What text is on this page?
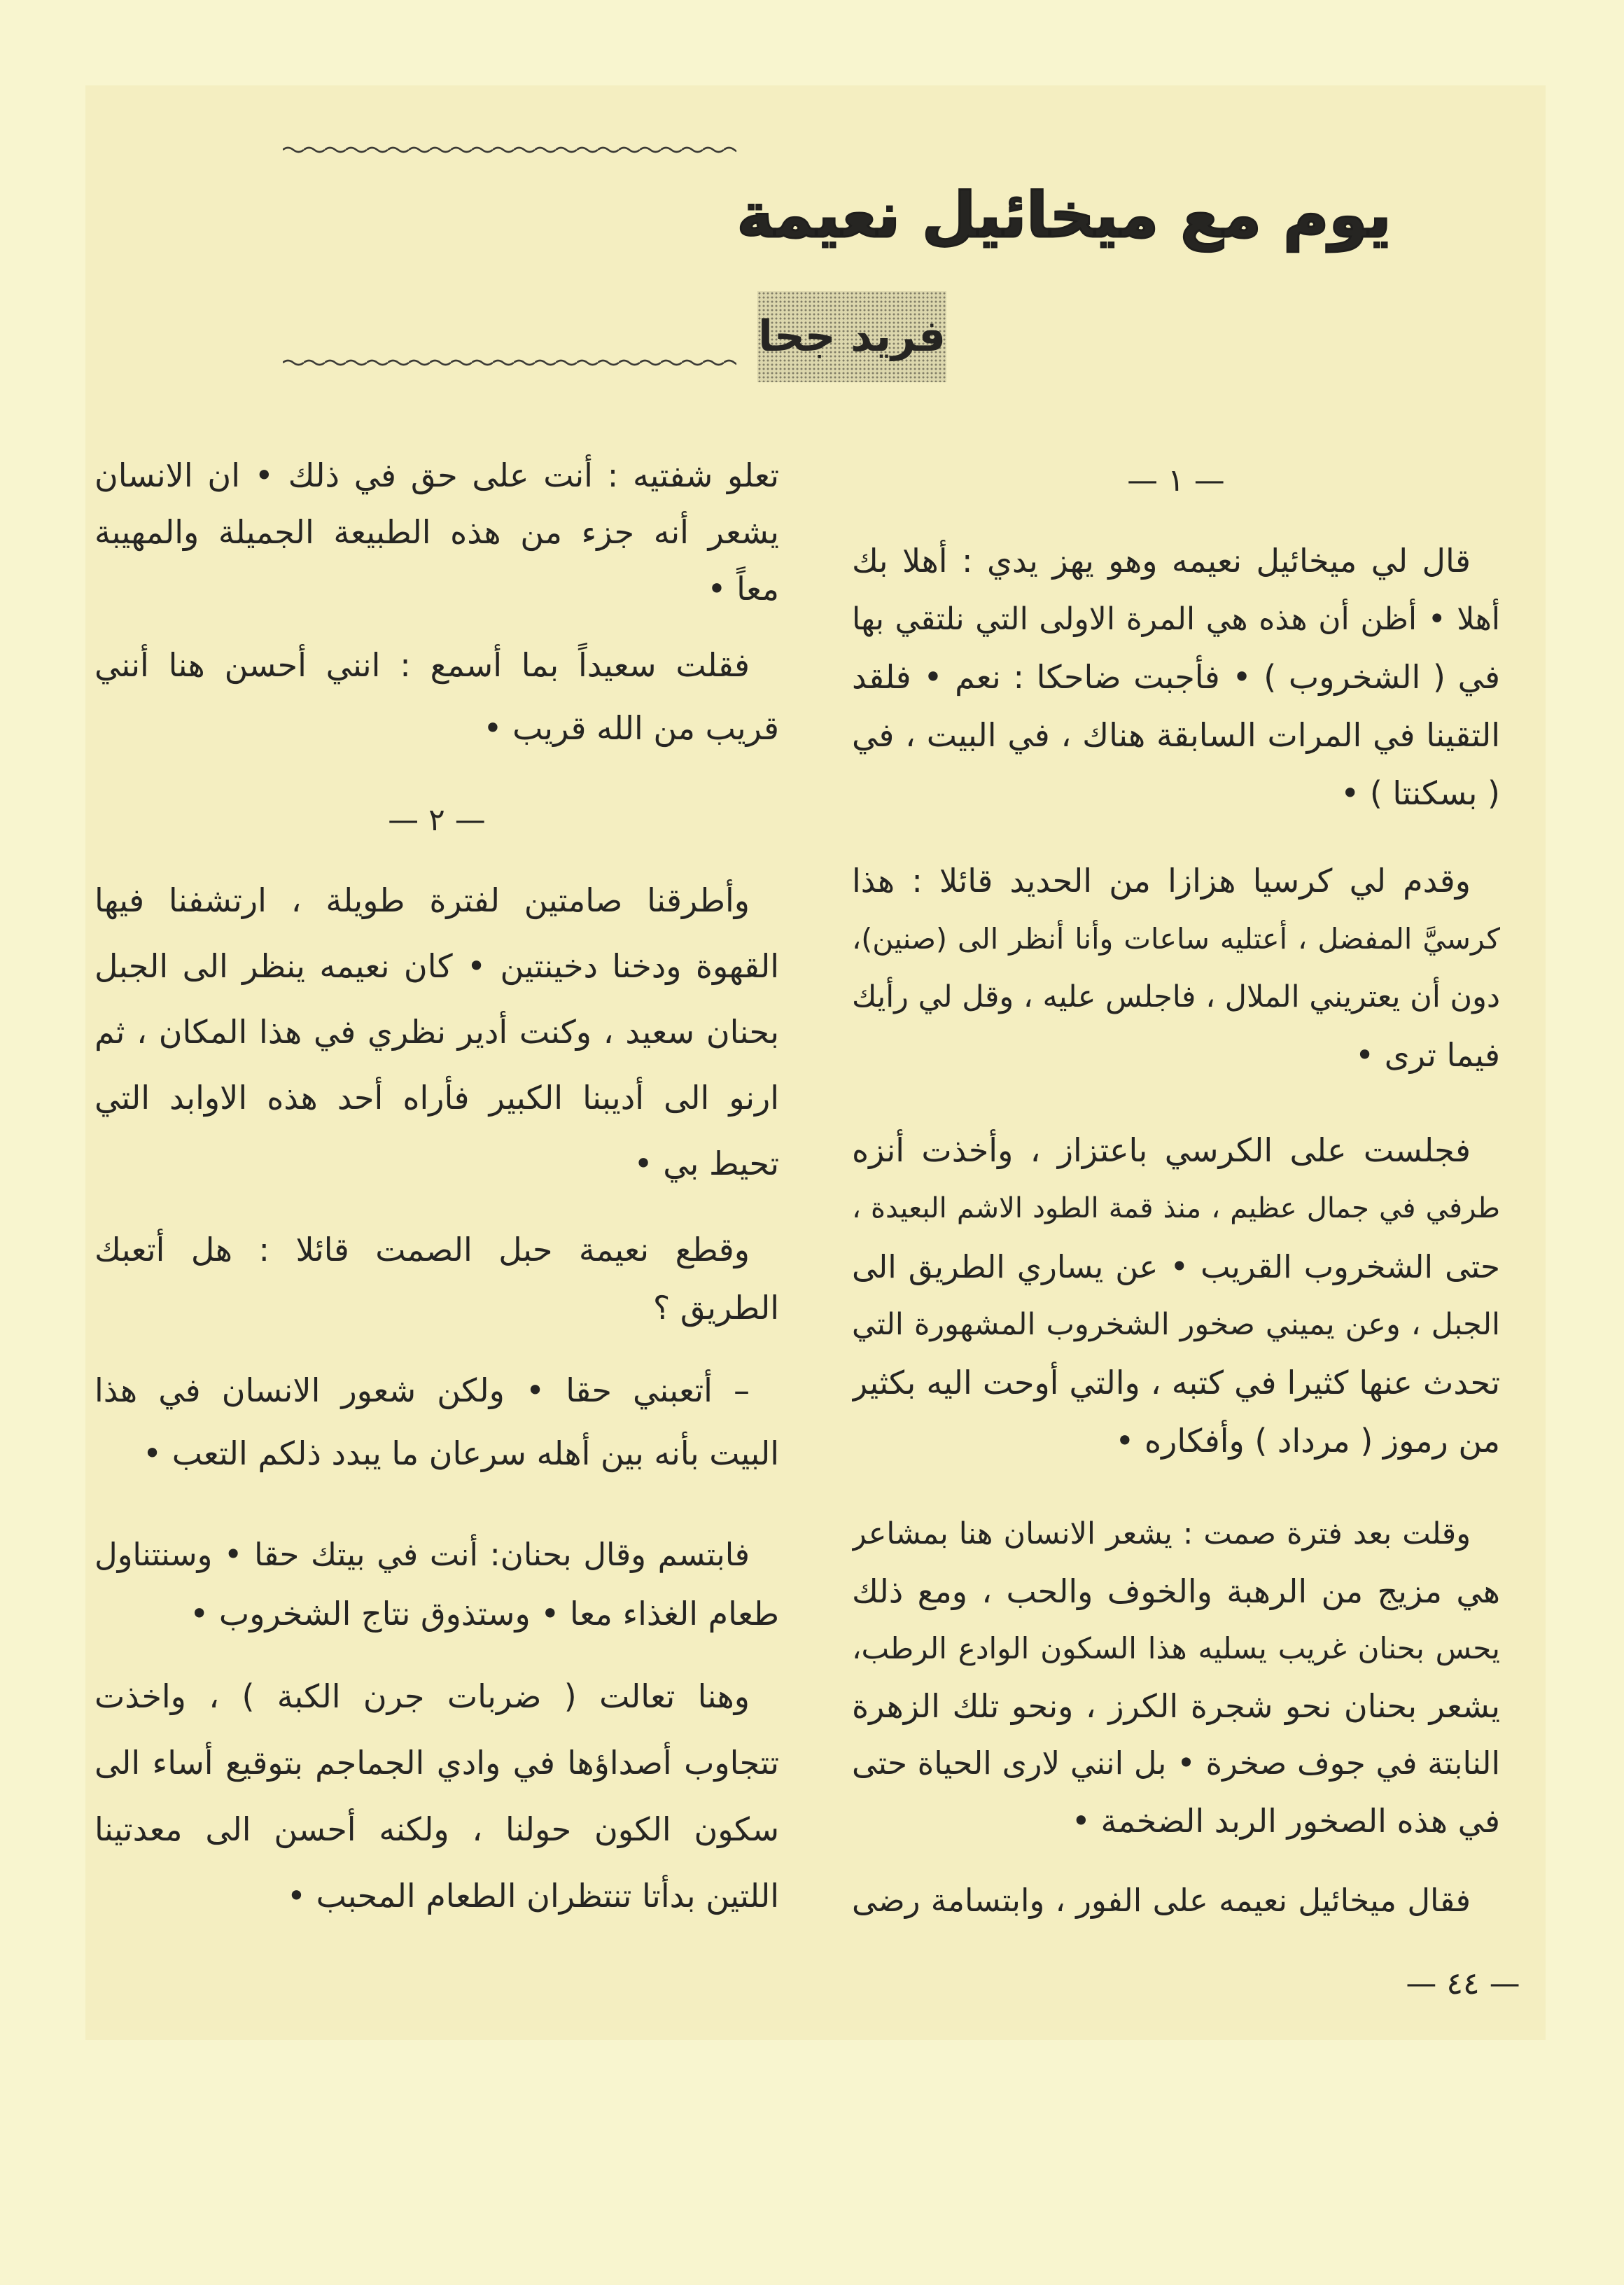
يوم مع ميخائيل نعيمة
فريد جحا
— ١ —
قال لي ميخائيل نعيمه وهو يهز يدي : أهلا بك
أهلا • أظن أن هذه هي المرة الاولى التي نلتقي بها
في ( الشخروب ) • فأجبت ضاحكا : نعم • فلقد
التقينا في المرات السابقة هناك ، في البيت ، في
( بسكنتا ) •
وقدم لي كرسيا هزازا من الحديد قائلا : هذا
كرسيَّ المفضل ، أعتليه ساعات وأنا أنظر الى (صنين)،
دون أن يعتريني الملال ، فاجلس عليه ، وقل لي رأيك
فيما ترى •
فجلست على الكرسي باعتزاز ، وأخذت أنزه
طرفي في جمال عظيم ، منذ قمة الطود الاشم البعيدة ،
حتى الشخروب القريب • عن يساري الطريق الى
الجبل ، وعن يميني صخور الشخروب المشهورة التي
تحدث عنها كثيرا في كتبه ، والتي أوحت اليه بكثير
من رموز ( مرداد ) وأفكاره •
وقلت بعد فترة صمت : يشعر الانسان هنا بمشاعر
هي مزيج من الرهبة والخوف والحب ، ومع ذلك
يحس بحنان غريب يسليه هذا السكون الوادع الرطب،
يشعر بحنان نحو شجرة الكرز ، ونحو تلك الزهرة
النابتة في جوف صخرة • بل انني لارى الحياة حتى
في هذه الصخور الربد الضخمة •
فقال ميخائيل نعيمه على الفور ، وابتسامة رضى
تعلو شفتيه : أنت على حق في ذلك • ان الانسان
يشعر أنه جزء من هذه الطبيعة الجميلة والمهيبة
معاً •
فقلت سعيداً بما أسمع : انني أحسن هنا أنني
قريب من الله قريب •
— ٢ —
وأطرقنا صامتين لفترة طويلة ، ارتشفنا فيها
القهوة ودخنا دخينتين • كان نعيمه ينظر الى الجبل
بحنان سعيد ، وكنت أدير نظري في هذا المكان ، ثم
ارنو الى أديبنا الكبير فأراه أحد هذه الاوابد التي
تحيط بي •
وقطع نعيمة حبل الصمت قائلا : هل أتعبك
الطريق ؟
– أتعبني حقا • ولكن شعور الانسان في هذا
البيت بأنه بين أهله سرعان ما يبدد ذلكم التعب •
فابتسم وقال بحنان: أنت في بيتك حقا • وسنتناول
طعام الغذاء معا • وستذوق نتاج الشخروب •
وهنا تعالت ( ضربات جرن الكبة ) ، واخذت
تتجاوب أصداؤها في وادي الجماجم بتوقيع أساء الى
سكون الكون حولنا ، ولكنه أحسن الى معدتينا
اللتين بدأتا تنتظران الطعام المحبب •
— ٤٤ —
